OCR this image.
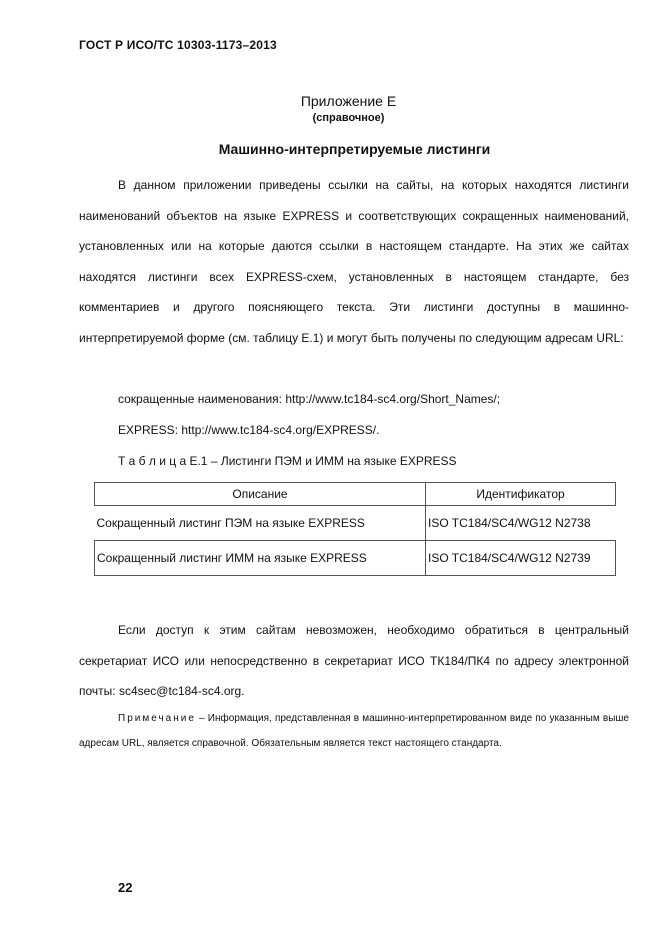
ГОСТ Р ИСО/ТС 10303-1173–2013
Приложение Е
(справочное)
Машинно-интерпретируемые листинги

В данном приложении приведены ссылки на сайты, на которых находятся листинги наименований объектов на языке EXPRESS и соответствующих сокращенных наименований, установленных или на которые даются ссылки в настоящем стандарте. На этих же сайтах находятся листинги всех EXPRESS-схем, установленных в настоящем стандарте, без комментариев и другого поясняющего текста. Эти листинги доступны в машинно-интерпретируемой форме (см. таблицу Е.1) и могут быть получены по следующим адресам URL:

сокращенные наименования: http://www.tc184-sc4.org/Short_Names/;
EXPRESS: http://www.tc184-sc4.org/EXPRESS/.
Т а б л и ц а Е.1 – Листинги ПЭМ и ИММ на языке EXPRESS
Описание	Идентификатор
Сокращенный листинг ПЭМ на языке EXPRESS	ISO TC184/SC4/WG12 N2738
Сокращенный листинг ИММ на языке EXPRESS	ISO TC184/SC4/WG12 N2739

Если доступ к этим сайтам невозможен, необходимо обратиться в центральный секретариат ИСО или непосредственно в секретариат ИСО ТК184/ПК4 по адресу электронной почты: sc4sec@tc184-sc4.org.

Примечание – Информация, представленная в машинно-интерпретированном виде по указанным выше адресам URL, является справочной. Обязательным является текст настоящего стандарта.

22
